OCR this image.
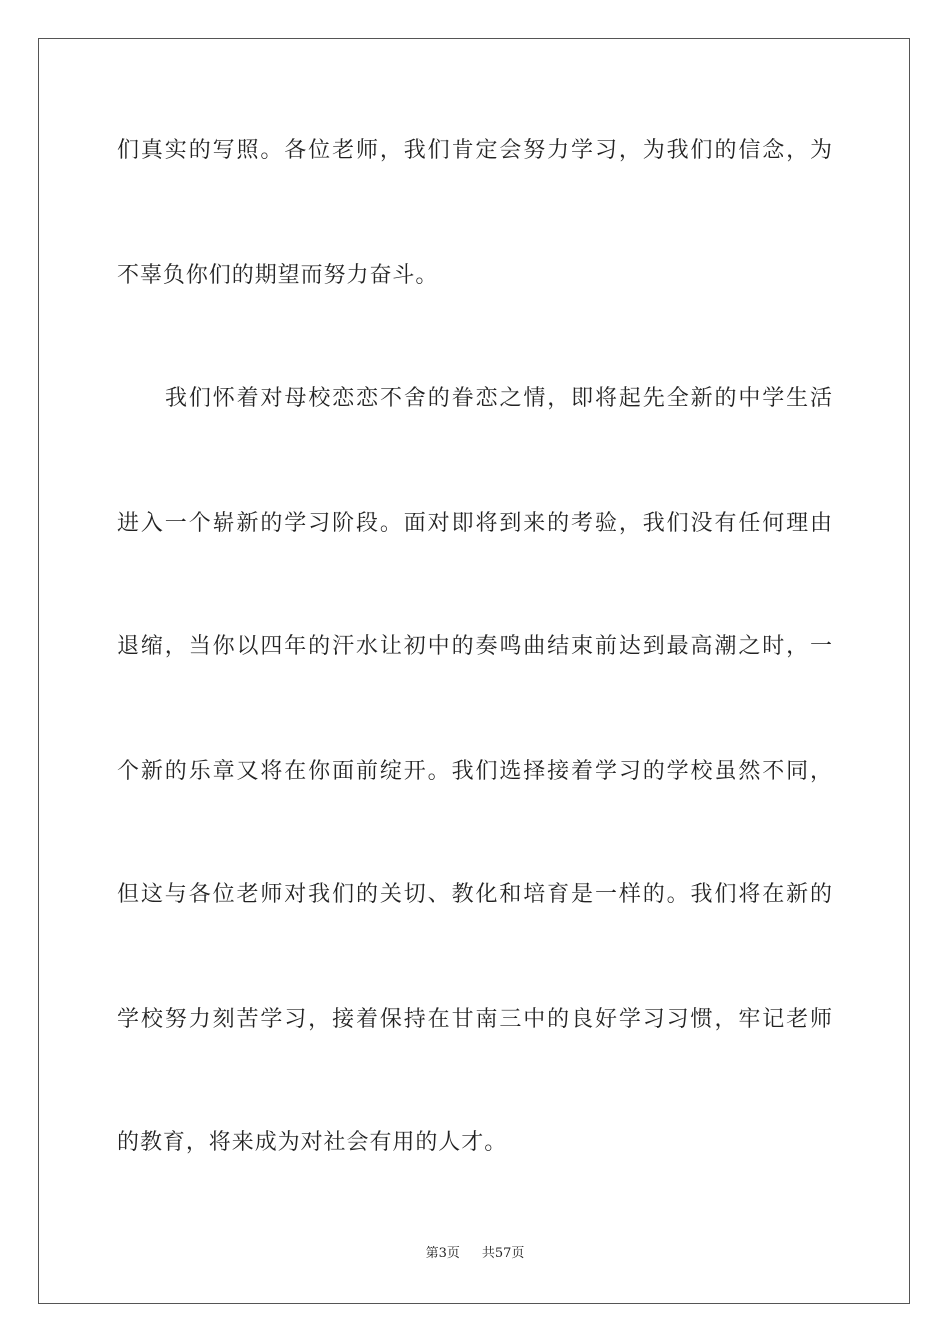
们真实的写照。各位老师，我们肯定会努力学习，为我们的信念，为
不辜负你们的期望而努力奋斗。
我们怀着对母校恋恋不舍的眷恋之情，即将起先全新的中学生活
进入一个崭新的学习阶段。面对即将到来的考验，我们没有任何理由
退缩，当你以四年的汗水让初中的奏鸣曲结束前达到最高潮之时，一
个新的乐章又将在你面前绽开。我们选择接着学习的学校虽然不同，
但这与各位老师对我们的关切、教化和培育是一样的。我们将在新的
学校努力刻苦学习，接着保持在甘南三中的良好学习习惯，牢记老师
的教育，将来成为对社会有用的人才。
第3页 共57页
